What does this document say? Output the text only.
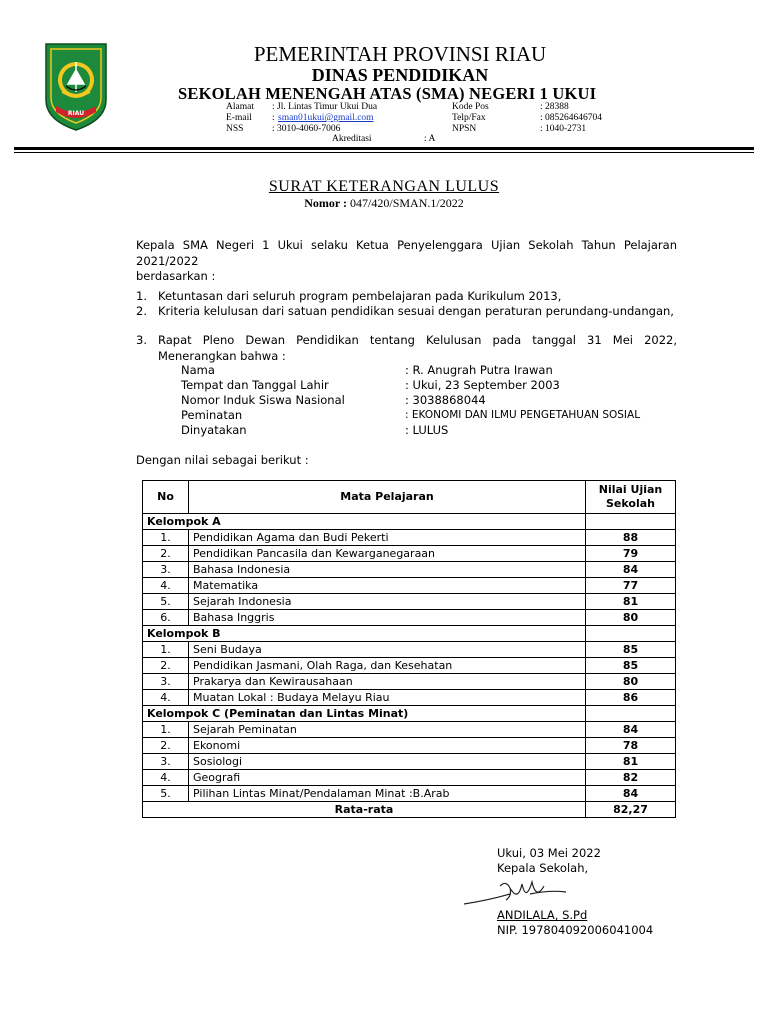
RIAU
PEMERINTAH PROVINSI RIAU
DINAS PENDIDIKAN
SEKOLAH MENENGAH ATAS (SMA) NEGERI 1 UKUI
Alamat : Jl. Lintas Timur Ukui Dua
E-mail : sman01ukui@gmail.com
NSS	: 3010-4060-7006
Akreditasi	: A
Kode Pos	: 28388
Telp/Fax	: 085264646704
NPSN	: 1040-2731
SURAT KETERANGAN LULUS
Nomor : 047/420/SMAN.1/2022
Kepala SMA Negeri 1 Ukui selaku Ketua Penyelenggara Ujian Sekolah Tahun Pelajaran 2021/2022
berdasarkan :
1. Ketuntasan dari seluruh program pembelajaran pada Kurikulum 2013,
2. Kriteria kelulusan dari satuan pendidikan sesuai dengan peraturan perundang-undangan,
3. Rapat Pleno Dewan Pendidikan tentang Kelulusan pada tanggal 31 Mei 2022, Menerangkan bahwa :
Nama	: R. Anugrah Putra Irawan
Tempat dan Tanggal Lahir	: Ukui, 23 September 2003
Nomor Induk Siswa Nasional	: 3038868044
Peminatan	: EKONOMI DAN ILMU PENGETAHUAN SOSIAL
Dinyatakan	: LULUS
Dengan nilai sebagai berikut :
No	Mata Pelajaran	Nilai Ujian
Sekolah
Kelompok A		
1.	Pendidikan Agama dan Budi Pekerti	88
2.	Pendidikan Pancasila dan Kewarganegaraan	79
3.	Bahasa Indonesia	84
4.	Matematika	77
5.	Sejarah Indonesia	81
6.	Bahasa Inggris	80
Kelompok B		
1.	Seni Budaya	85
2.	Pendidikan Jasmani, Olah Raga, dan Kesehatan	85
3.	Prakarya dan Kewirausahaan	80
4.	Muatan Lokal : Budaya Melayu Riau	86
Kelompok C (Peminatan dan Lintas Minat)		
1.	Sejarah Peminatan	84
2.	Ekonomi	78
3.	Sosiologi	81
4.	Geografi	82
5.	Pilihan Lintas Minat/Pendalaman Minat :B.Arab	84
Rata-rata		82,27
Ukui, 03 Mei 2022
Kepala Sekolah,
ANDILALA, S.Pd
NIP. 197804092006041004
